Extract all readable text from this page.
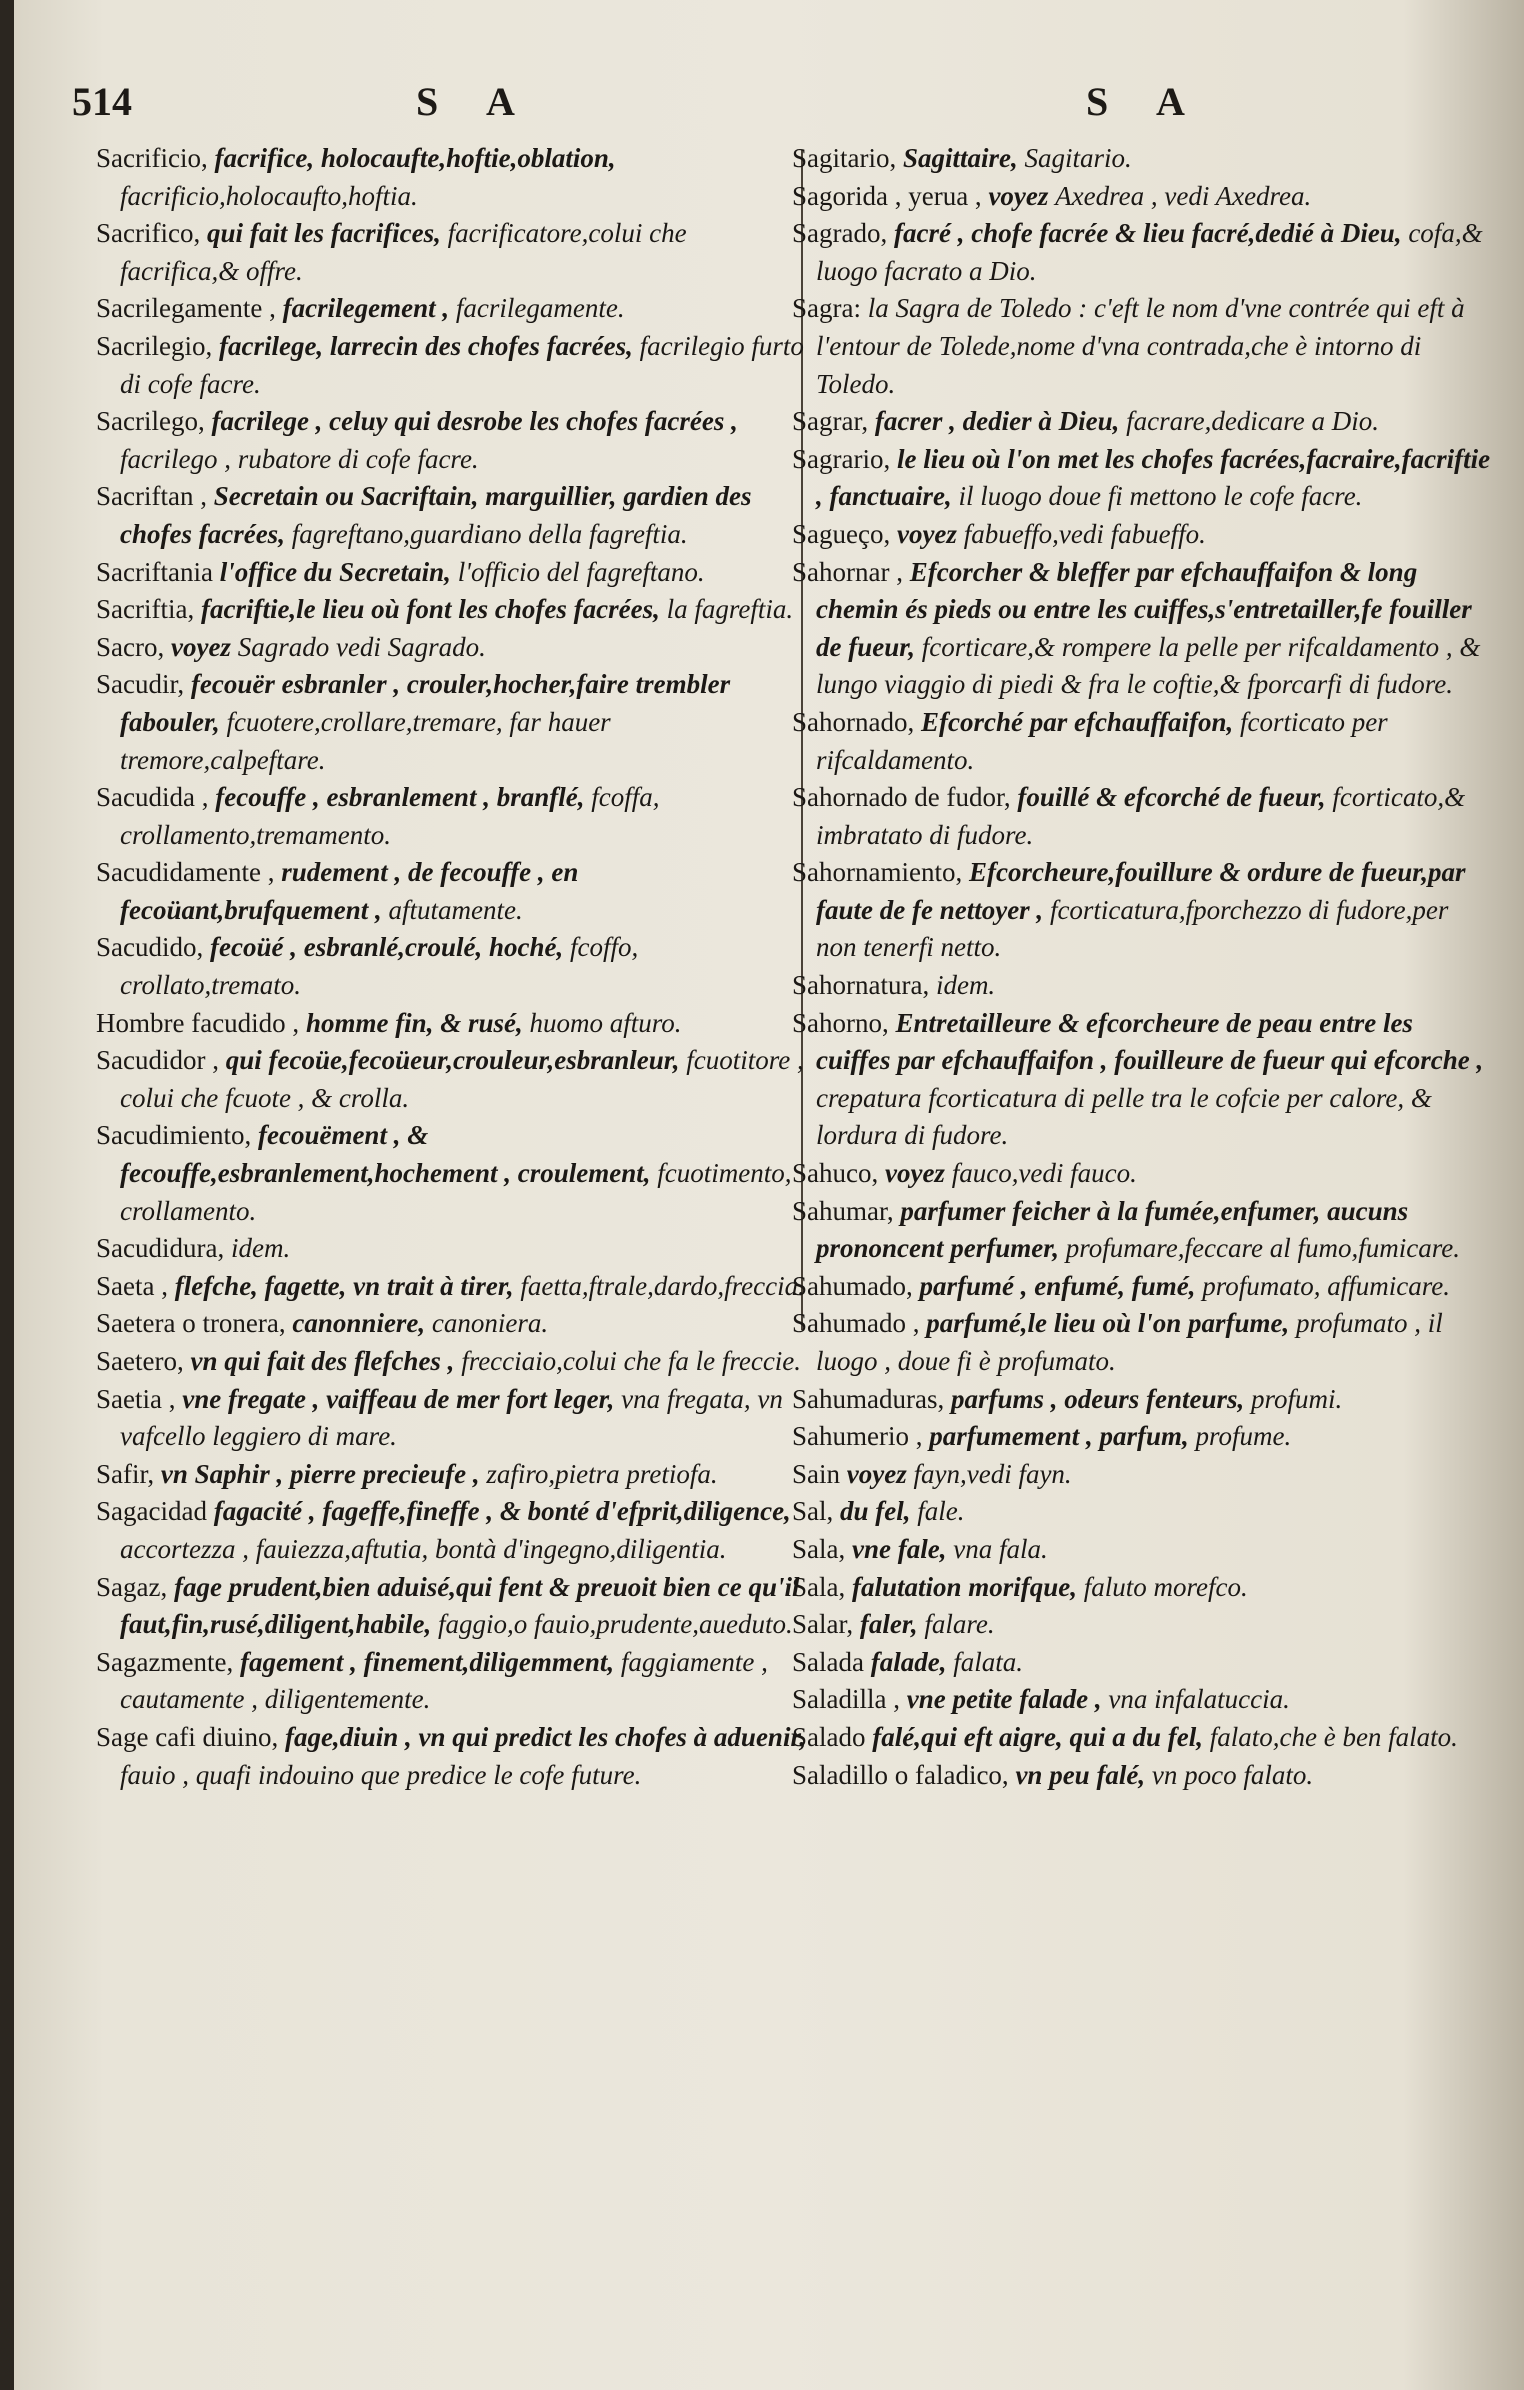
514	S A	S A

Sacrificio, facrifice, holocaufte,hoftie,oblation, facrificio,holocaufto,hoftia.

Sacrifico, qui fait les facrifices, facrificatore,colui che facrifica,& offre.

Sacrilegamente , facrilegement , facrilegamente.

Sacrilegio, facrilege, larrecin des chofes facrées, facrilegio furto di cofe facre.

Sacrilego, facrilege , celuy qui desrobe les chofes facrées , facrilego , rubatore di cofe facre.

Sacriftan , Secretain ou Sacriftain, marguillier, gardien des chofes facrées, fagreftano,guardiano della fagreftia.

Sacriftania l'office du Secretain, l'officio del fagreftano.

Sacriftia, facriftie,le lieu où font les chofes facrées, la fagreftia.

Sacro, voyez Sagrado vedi Sagrado.

Sacudir, fecouër esbranler , crouler,hocher,faire trembler fabouler, fcuotere,crollare,tremare, far hauer tremore,calpeftare.

Sacudida , fecouffe , esbranlement , branflé, fcoffa, crollamento,tremamento.

Sacudidamente , rudement , de fecouffe , en fecoüant,brufquement , aftutamente.

Sacudido, fecoüé , esbranlé,croulé, hoché, fcoffo, crollato,tremato.

Hombre facudido , homme fin, & rusé, huomo afturo.

Sacudidor , qui fecoüe,fecoüeur,crouleur,esbranleur, fcuotitore , colui che fcuote , & crolla.

Sacudimiento, fecouëment , & fecouffe,esbranlement,hochement , croulement, fcuotimento, crollamento.

Sacudidura, idem.

Saeta , flefche, fagette, vn trait à tirer, faetta,ftrale,dardo,freccia.

Saetera o tronera, canonniere, canoniera.

Saetero, vn qui fait des flefches , frecciaio,colui che fa le freccie.

Saetia , vne fregate , vaiffeau de mer fort leger, vna fregata, vn vafcello leggiero di mare.

Safir, vn Saphir , pierre precieufe , zafiro,pietra pretiofa.

Sagacidad fagacité , fageffe,fineffe , & bonté d'efprit,diligence, accortezza , fauiezza,aftutia, bontà d'ingegno,diligentia.

Sagaz, fage prudent,bien aduisé,qui fent & preuoit bien ce qu'il faut,fin,rusé,diligent,habile, faggio,o fauio,prudente,aueduto.

Sagazmente, fagement , finement,diligemment, faggiamente , cautamente , diligentemente.

Sage cafi diuino, fage,diuin , vn qui predict les chofes à aduenir, fauio , quafi indouino que predice le cofe future.

Sagitario, Sagittaire, Sagitario.

Sagorida , yerua , voyez Axedrea , vedi Axedrea.

Sagrado, facré , chofe facrée & lieu facré,dedié à Dieu, cofa,& luogo facrato a Dio.

Sagra: la Sagra de Toledo : c'eft le nom d'vne contrée qui eft à l'entour de Tolede,nome d'vna contrada,che è intorno di Toledo.

Sagrar, facrer , dedier à Dieu, facrare,dedicare a Dio.

Sagrario, le lieu où l'on met les chofes facrées,facraire,facriftie , fanctuaire, il luogo doue fi mettono le cofe facre.

Sagueço, voyez fabueffo,vedi fabueffo.

Sahornar , Efcorcher & bleffer par efchauffaifon & long chemin és pieds ou entre les cuiffes,s'entretailler,fe fouiller de fueur, fcorticare,& rompere la pelle per rifcaldamento , & lungo viaggio di piedi & fra le coftie,& fporcarfi di fudore.

Sahornado, Efcorché par efchauffaifon, fcorticato per rifcaldamento.

Sahornado de fudor, fouillé & efcorché de fueur, fcorticato,& imbratato di fudore.

Sahornamiento, Efcorcheure,fouillure & ordure de fueur,par faute de fe nettoyer , fcorticatura,fporchezzo di fudore,per non tenerfi netto.

Sahornatura, idem.

Sahorno, Entretailleure & efcorcheure de peau entre les cuiffes par efchauffaifon , fouilleure de fueur qui efcorche , crepatura fcorticatura di pelle tra le cofcie per calore, & lordura di fudore.

Sahuco, voyez fauco,vedi fauco.

Sahumar, parfumer feicher à la fumée,enfumer, aucuns prononcent perfumer, profumare,feccare al fumo,fumicare.

Sahumado, parfumé , enfumé, fumé, profumato, affumicare.

Sahumado , parfumé,le lieu où l'on parfume, profumato , il luogo , doue fi è profumato.

Sahumaduras, parfums , odeurs fenteurs, profumi.

Sahumerio , parfumement , parfum, profume.

Sain voyez fayn,vedi fayn.

Sal, du fel, fale.

Sala, vne fale, vna fala.

Sala, falutation morifque, faluto morefco.

Salar, faler, falare.

Salada falade, falata.

Saladilla , vne petite falade , vna infalatuccia.

Salado falé,qui eft aigre, qui a du fel, falato,che è ben falato.

Saladillo o faladico, vn peu falé, vn poco falato.
